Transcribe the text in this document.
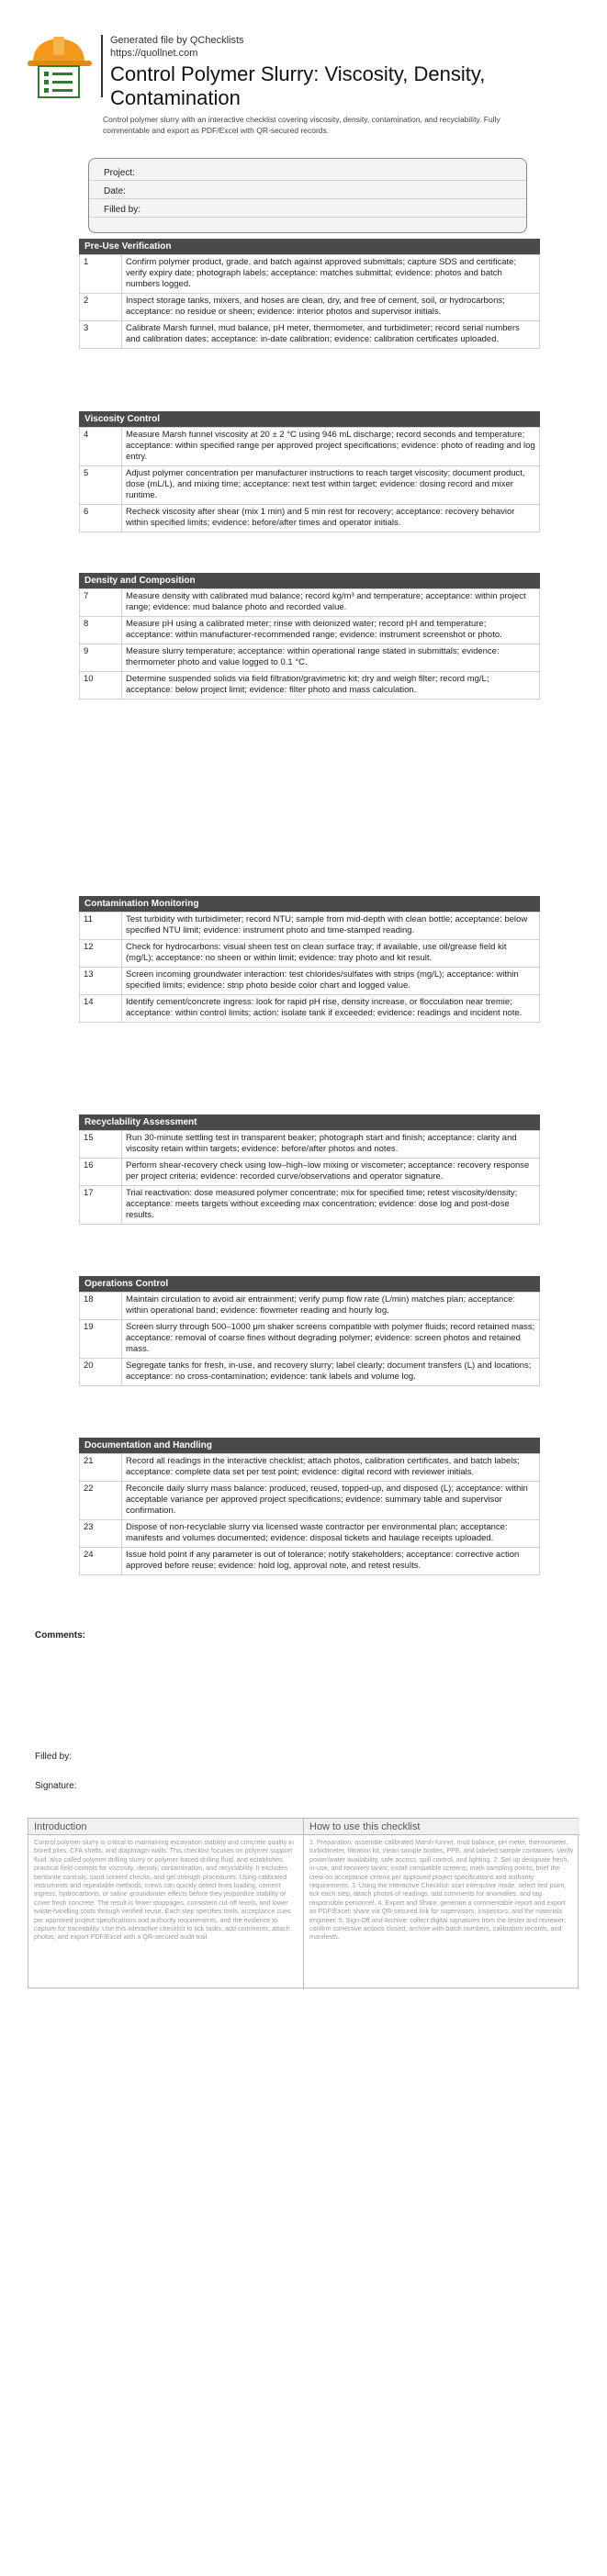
Generated file by QChecklists
https://quollnet.com
Control Polymer Slurry: Viscosity, Density, Contamination
Control polymer slurry with an interactive checklist covering viscosity, density, contamination, and recyclability. Fully commentable and export as PDF/Excel with QR-secured records.
Project:
Date:
Filled by:
Pre-Use Verification
1	Confirm polymer product, grade, and batch against approved submittals; capture SDS and certificate; verify expiry date; photograph labels; acceptance: matches submittal; evidence: photos and batch numbers logged.
2	Inspect storage tanks, mixers, and hoses are clean, dry, and free of cement, soil, or hydrocarbons; acceptance: no residue or sheen; evidence: interior photos and supervisor initials.
3	Calibrate Marsh funnel, mud balance, pH meter, thermometer, and turbidimeter; record serial numbers and calibration dates; acceptance: in-date calibration; evidence: calibration certificates uploaded.
Viscosity Control
4	Measure Marsh funnel viscosity at 20 ± 2 °C using 946 mL discharge; record seconds and temperature; acceptance: within specified range per approved project specifications; evidence: photo of reading and log entry.
5	Adjust polymer concentration per manufacturer instructions to reach target viscosity; document product, dose (mL/L), and mixing time; acceptance: next test within target; evidence: dosing record and mixer runtime.
6	Recheck viscosity after shear (mix 1 min) and 5 min rest for recovery; acceptance: recovery behavior within specified limits; evidence: before/after times and operator initials.
Density and Composition
7	Measure density with calibrated mud balance; record kg/m³ and temperature; acceptance: within project range; evidence: mud balance photo and recorded value.
8	Measure pH using a calibrated meter; rinse with deionized water; record pH and temperature; acceptance: within manufacturer-recommended range; evidence: instrument screenshot or photo.
9	Measure slurry temperature; acceptance: within operational range stated in submittals; evidence: thermometer photo and value logged to 0.1 °C.
10	Determine suspended solids via field filtration/gravimetric kit; dry and weigh filter; record mg/L; acceptance: below project limit; evidence: filter photo and mass calculation.
Contamination Monitoring
11	Test turbidity with turbidimeter; record NTU; sample from mid-depth with clean bottle; acceptance: below specified NTU limit; evidence: instrument photo and time-stamped reading.
12	Check for hydrocarbons: visual sheen test on clean surface tray; if available, use oil/grease field kit (mg/L); acceptance: no sheen or within limit; evidence: tray photo and kit result.
13	Screen incoming groundwater interaction: test chlorides/sulfates with strips (mg/L); acceptance: within specified limits; evidence: strip photo beside color chart and logged value.
14	Identify cement/concrete ingress: look for rapid pH rise, density increase, or flocculation near tremie; acceptance: within control limits; action: isolate tank if exceeded; evidence: readings and incident note.
Recyclability Assessment
15	Run 30-minute settling test in transparent beaker; photograph start and finish; acceptance: clarity and viscosity retain within targets; evidence: before/after photos and notes.
16	Perform shear-recovery check using low–high–low mixing or viscometer; acceptance: recovery response per project criteria; evidence: recorded curve/observations and operator signature.
17	Trial reactivation: dose measured polymer concentrate; mix for specified time; retest viscosity/density; acceptance: meets targets without exceeding max concentration; evidence: dose log and post-dose results.
Operations Control
18	Maintain circulation to avoid air entrainment; verify pump flow rate (L/min) matches plan; acceptance: within operational band; evidence: flowmeter reading and hourly log.
19	Screen slurry through 500–1000 μm shaker screens compatible with polymer fluids; record retained mass; acceptance: removal of coarse fines without degrading polymer; evidence: screen photos and retained mass.
20	Segregate tanks for fresh, in-use, and recovery slurry; label clearly; document transfers (L) and locations; acceptance: no cross-contamination; evidence: tank labels and volume log.
Documentation and Handling
21	Record all readings in the interactive checklist; attach photos, calibration certificates, and batch labels; acceptance: complete data set per test point; evidence: digital record with reviewer initials.
22	Reconcile daily slurry mass balance: produced, reused, topped-up, and disposed (L); acceptance: within acceptable variance per approved project specifications; evidence: summary table and supervisor confirmation.
23	Dispose of non-recyclable slurry via licensed waste contractor per environmental plan; acceptance: manifests and volumes documented; evidence: disposal tickets and haulage receipts uploaded.
24	Issue hold point if any parameter is out of tolerance; notify stakeholders; acceptance: corrective action approved before reuse; evidence: hold log, approval note, and retest results.
Comments:
Filled by:
Signature:
Introduction
Control polymer slurry is critical to maintaining excavation stability and concrete quality in bored piles, CFA shafts, and diaphragm walls. This checklist focuses on polymer support fluid, also called polymer drilling slurry or polymer-based drilling fluid, and establishes practical field controls for viscosity, density, contamination, and recyclability. It excludes bentonite controls, sand content checks, and gel strength procedures. Using calibrated instruments and repeatable methods, crews can quickly detect fines loading, cement ingress, hydrocarbons, or saline groundwater effects before they jeopardize stability or cover fresh concrete. The result is fewer stoppages, consistent cut-off levels, and lower waste-handling costs through verified reuse. Each step specifies tools, acceptance cues per approved project specifications and authority requirements, and the evidence to capture for traceability. Use this interactive checklist to tick tasks, add comments, attach photos, and export PDF/Excel with a QR-secured audit trail.
How to use this checklist
1. Preparation: assemble calibrated Marsh funnel, mud balance, pH meter, thermometer, turbidimeter, filtration kit, clean sample bottles, PPE, and labeled sample containers. Verify power/water availability, safe access, spill control, and lighting. 2. Set up designate fresh, in-use, and recovery tanks; install compatible screens; mark sampling points; brief the crew on acceptance criteria per approved project specifications and authority requirements. 3. Using the Interactive Checklist: start interactive mode, select test point, tick each step, attach photos of readings, add comments for anomalies, and tag responsible personnel. 4. Export and Share: generate a commentable report and export as PDF/Excel; share via QR-secured link for supervisors, inspectors, and the materials engineer. 5. Sign-Off and Archive: collect digital signatures from the tester and reviewer; confirm corrective actions closed; archive with batch numbers, calibration records, and manifests.
